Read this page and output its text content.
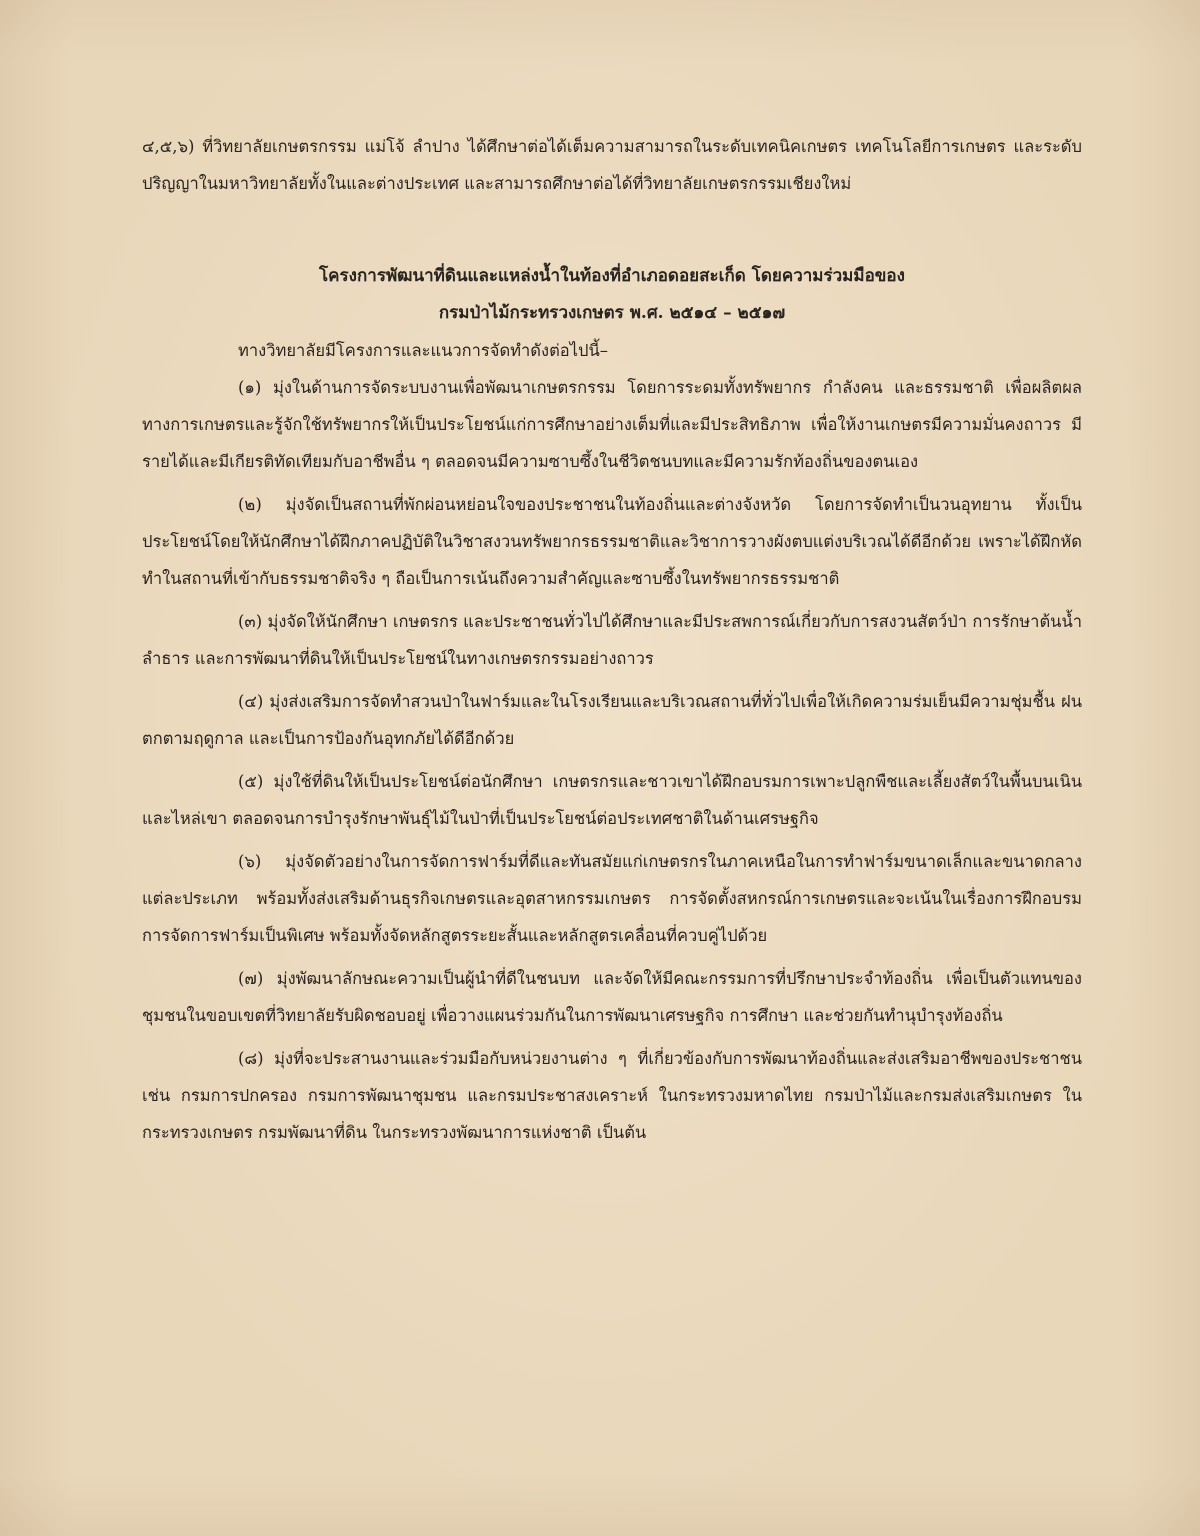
๔,๕,๖) ที่วิทยาลัยเกษตรกรรม แม่โจ้ ลำปาง ได้ศึกษาต่อได้เต็มความสามารถในระดับเทคนิคเกษตร เทคโนโลยีการเกษตร และระดับปริญญาในมหาวิทยาลัยทั้งในและต่างประเทศ และสามารถศึกษาต่อได้ที่วิทยาลัยเกษตรกรรมเชียงใหม่

โครงการพัฒนาที่ดินและแหล่งน้ำในท้องที่อำเภอดอยสะเก็ด โดยความร่วมมือของ
กรมป่าไม้กระทรวงเกษตร พ.ศ. ๒๕๑๔ – ๒๕๑๗

ทางวิทยาลัยมีโครงการและแนวการจัดทำดังต่อไปนี้–

(๑) มุ่งในด้านการจัดระบบงานเพื่อพัฒนาเกษตรกรรม โดยการระดมทั้งทรัพยากร กำลังคน และธรรมชาติ เพื่อผลิตผลทางการเกษตรและรู้จักใช้ทรัพยากรให้เป็นประโยชน์แก่การศึกษาอย่างเต็มที่และมีประสิทธิภาพ เพื่อให้งานเกษตรมีความมั่นคงถาวร มีรายได้และมีเกียรติทัดเทียมกับอาชีพอื่น ๆ ตลอดจนมีความซาบซึ้งในชีวิตชนบทและมีความรักท้องถิ่นของตนเอง

(๒) มุ่งจัดเป็นสถานที่พักผ่อนหย่อนใจของประชาชนในท้องถิ่นและต่างจังหวัด โดยการจัดทำเป็นวนอุทยาน ทั้งเป็นประโยชน์โดยให้นักศึกษาได้ฝึกภาคปฏิบัติในวิชาสงวนทรัพยากรธรรมชาติและวิชาการวางผังตบแต่งบริเวณได้ดีอีกด้วย เพราะได้ฝึกหัดทำในสถานที่เข้ากับธรรมชาติจริง ๆ ถือเป็นการเน้นถึงความสำคัญและซาบซึ้งในทรัพยากรธรรมชาติ

(๓) มุ่งจัดให้นักศึกษา เกษตรกร และประชาชนทั่วไปได้ศึกษาและมีประสพการณ์เกี่ยวกับการสงวนสัตว์ป่า การรักษาต้นน้ำลำธาร และการพัฒนาที่ดินให้เป็นประโยชน์ในทางเกษตรกรรมอย่างถาวร

(๔) มุ่งส่งเสริมการจัดทำสวนป่าในฟาร์มและในโรงเรียนและบริเวณสถานที่ทั่วไปเพื่อให้เกิดความร่มเย็นมีความชุ่มชื้น ฝนตกตามฤดูกาล และเป็นการป้องกันอุทกภัยได้ดีอีกด้วย

(๕) มุ่งใช้ที่ดินให้เป็นประโยชน์ต่อนักศึกษา เกษตรกรและชาวเขาได้ฝึกอบรมการเพาะปลูกพืชและเลี้ยงสัตว์ในพื้นบนเนินและไหล่เขา ตลอดจนการบำรุงรักษาพันธุ์ไม้ในป่าที่เป็นประโยชน์ต่อประเทศชาติในด้านเศรษฐกิจ

(๖) มุ่งจัดตัวอย่างในการจัดการฟาร์มที่ดีและทันสมัยแก่เกษตรกรในภาคเหนือในการทำฟาร์มขนาดเล็กและขนาดกลางแต่ละประเภท พร้อมทั้งส่งเสริมด้านธุรกิจเกษตรและอุตสาหกรรมเกษตร การจัดตั้งสหกรณ์การเกษตรและจะเน้นในเรื่องการฝึกอบรมการจัดการฟาร์มเป็นพิเศษ พร้อมทั้งจัดหลักสูตรระยะสั้นและหลักสูตรเคลื่อนที่ควบคู่ไปด้วย

(๗) มุ่งพัฒนาลักษณะความเป็นผู้นำที่ดีในชนบท และจัดให้มีคณะกรรมการที่ปรึกษาประจำท้องถิ่น เพื่อเป็นตัวแทนของชุมชนในขอบเขตที่วิทยาลัยรับผิดชอบอยู่ เพื่อวางแผนร่วมกันในการพัฒนาเศรษฐกิจ การศึกษา และช่วยกันทำนุบำรุงท้องถิ่น

(๘) มุ่งที่จะประสานงานและร่วมมือกับหน่วยงานต่าง ๆ ที่เกี่ยวข้องกับการพัฒนาท้องถิ่นและส่งเสริมอาชีพของประชาชน เช่น กรมการปกครอง กรมการพัฒนาชุมชน และกรมประชาสงเคราะห์ ในกระทรวงมหาดไทย กรมป่าไม้และกรมส่งเสริมเกษตร ในกระทรวงเกษตร กรมพัฒนาที่ดิน ในกระทรวงพัฒนาการแห่งชาติ เป็นต้น
